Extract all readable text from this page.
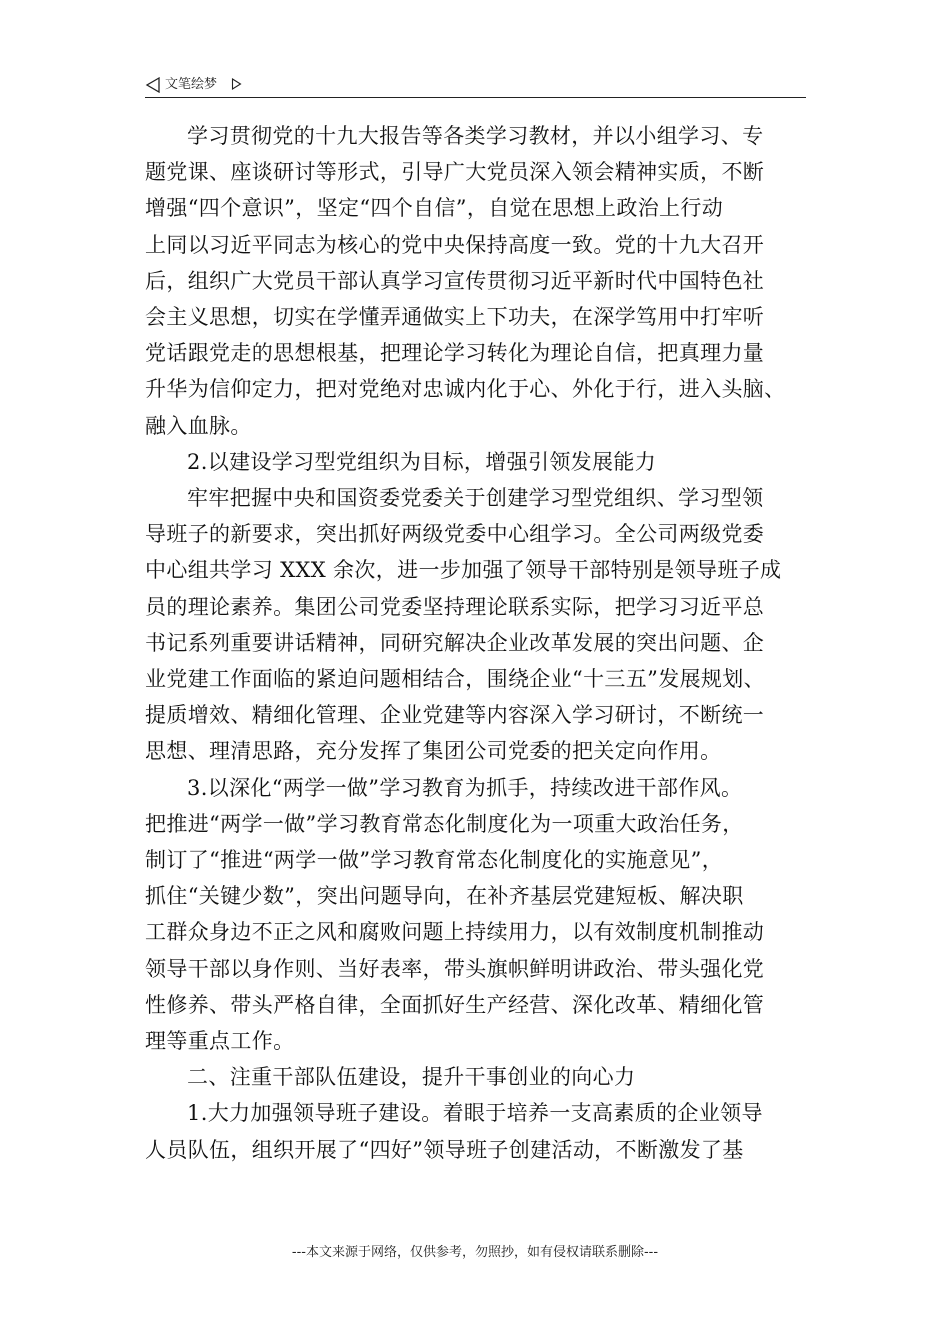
文笔绘梦

学习贯彻党的十九大报告等各类学习教材，并以小组学习、专

题党课、座谈研讨等形式，引导广大党员深入领会精神实质，不断

增强“四个意识”，坚定“四个自信”，自觉在思想上政治上行动

上同以习近平同志为核心的党中央保持高度一致。党的十九大召开

后，组织广大党员干部认真学习宣传贯彻习近平新时代中国特色社

会主义思想，切实在学懂弄通做实上下功夫，在深学笃用中打牢听

党话跟党走的思想根基，把理论学习转化为理论自信，把真理力量

升华为信仰定力，把对党绝对忠诚内化于心、外化于行，进入头脑、

融入血脉。

2.以建设学习型党组织为目标，增强引领发展能力

牢牢把握中央和国资委党委关于创建学习型党组织、学习型领

导班子的新要求，突出抓好两级党委中心组学习。全公司两级党委

中心组共学习 XXX 余次，进一步加强了领导干部特别是领导班子成

员的理论素养。集团公司党委坚持理论联系实际，把学习习近平总

书记系列重要讲话精神，同研究解决企业改革发展的突出问题、企

业党建工作面临的紧迫问题相结合，围绕企业“十三五”发展规划、

提质增效、精细化管理、企业党建等内容深入学习研讨，不断统一

思想、理清思路，充分发挥了集团公司党委的把关定向作用。

3.以深化“两学一做”学习教育为抓手，持续改进干部作风。

把推进“两学一做”学习教育常态化制度化为一项重大政治任务，

制订了“推进“两学一做”学习教育常态化制度化的实施意见”，

抓住“关键少数”，突出问题导向，在补齐基层党建短板、解决职

工群众身边不正之风和腐败问题上持续用力，以有效制度机制推动

领导干部以身作则、当好表率，带头旗帜鲜明讲政治、带头强化党

性修养、带头严格自律，全面抓好生产经营、深化改革、精细化管

理等重点工作。

二、注重干部队伍建设，提升干事创业的向心力

1.大力加强领导班子建设。着眼于培养一支高素质的企业领导

人员队伍，组织开展了“四好”领导班子创建活动，不断激发了基

---本文来源于网络，仅供参考，勿照抄，如有侵权请联系删除---
